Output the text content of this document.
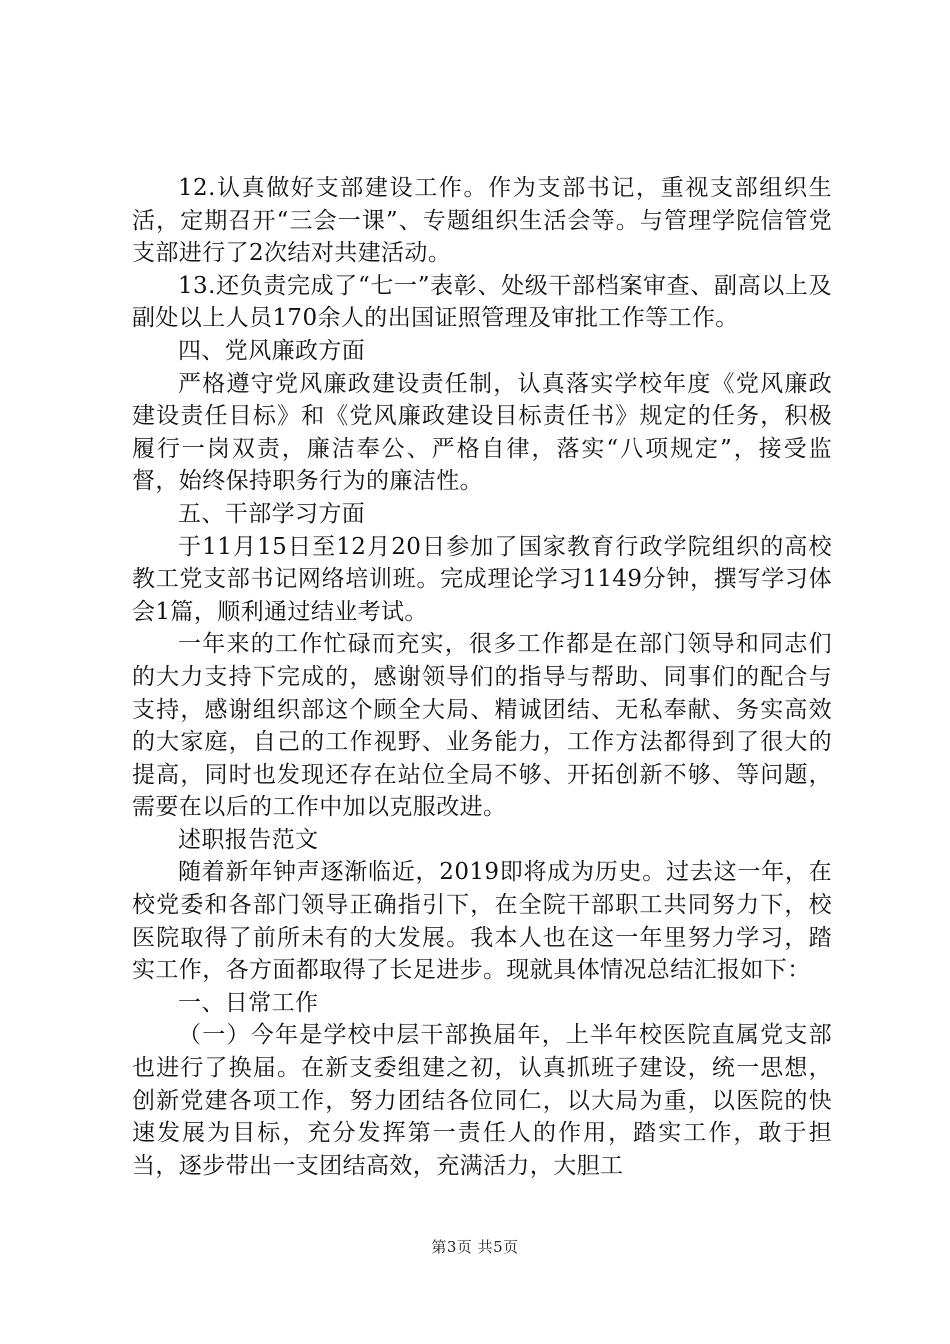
12.认真做好支部建设工作。作为支部书记，重视支部组织生活，定期召开“三会一课”、专题组织生活会等。与管理学院信管党支部进行了2次结对共建活动。

13.还负责完成了“七一”表彰、处级干部档案审查、副高以上及副处以上人员170余人的出国证照管理及审批工作等工作。

四、党风廉政方面

严格遵守党风廉政建设责任制，认真落实学校年度《党风廉政建设责任目标》和《党风廉政建设目标责任书》规定的任务，积极履行一岗双责，廉洁奉公、严格自律，落实“八项规定”，接受监督，始终保持职务行为的廉洁性。

五、干部学习方面

于11月15日至12月20日参加了国家教育行政学院组织的高校教工党支部书记网络培训班。完成理论学习1149分钟，撰写学习体会1篇，顺利通过结业考试。

一年来的工作忙碌而充实，很多工作都是在部门领导和同志们的大力支持下完成的，感谢领导们的指导与帮助、同事们的配合与支持，感谢组织部这个顾全大局、精诚团结、无私奉献、务实高效的大家庭，自己的工作视野、业务能力，工作方法都得到了很大的提高，同时也发现还存在站位全局不够、开拓创新不够、等问题，需要在以后的工作中加以克服改进。

述职报告范文

随着新年钟声逐渐临近，2019即将成为历史。过去这一年，在校党委和各部门领导正确指引下，在全院干部职工共同努力下，校医院取得了前所未有的大发展。我本人也在这一年里努力学习，踏实工作，各方面都取得了长足进步。现就具体情况总结汇报如下：

一、日常工作

（一）今年是学校中层干部换届年，上半年校医院直属党支部也进行了换届。在新支委组建之初，认真抓班子建设，统一思想，创新党建各项工作，努力团结各位同仁，以大局为重，以医院的快速发展为目标，充分发挥第一责任人的作用，踏实工作，敢于担当，逐步带出一支团结高效，充满活力，大胆工

第3页 共5页
